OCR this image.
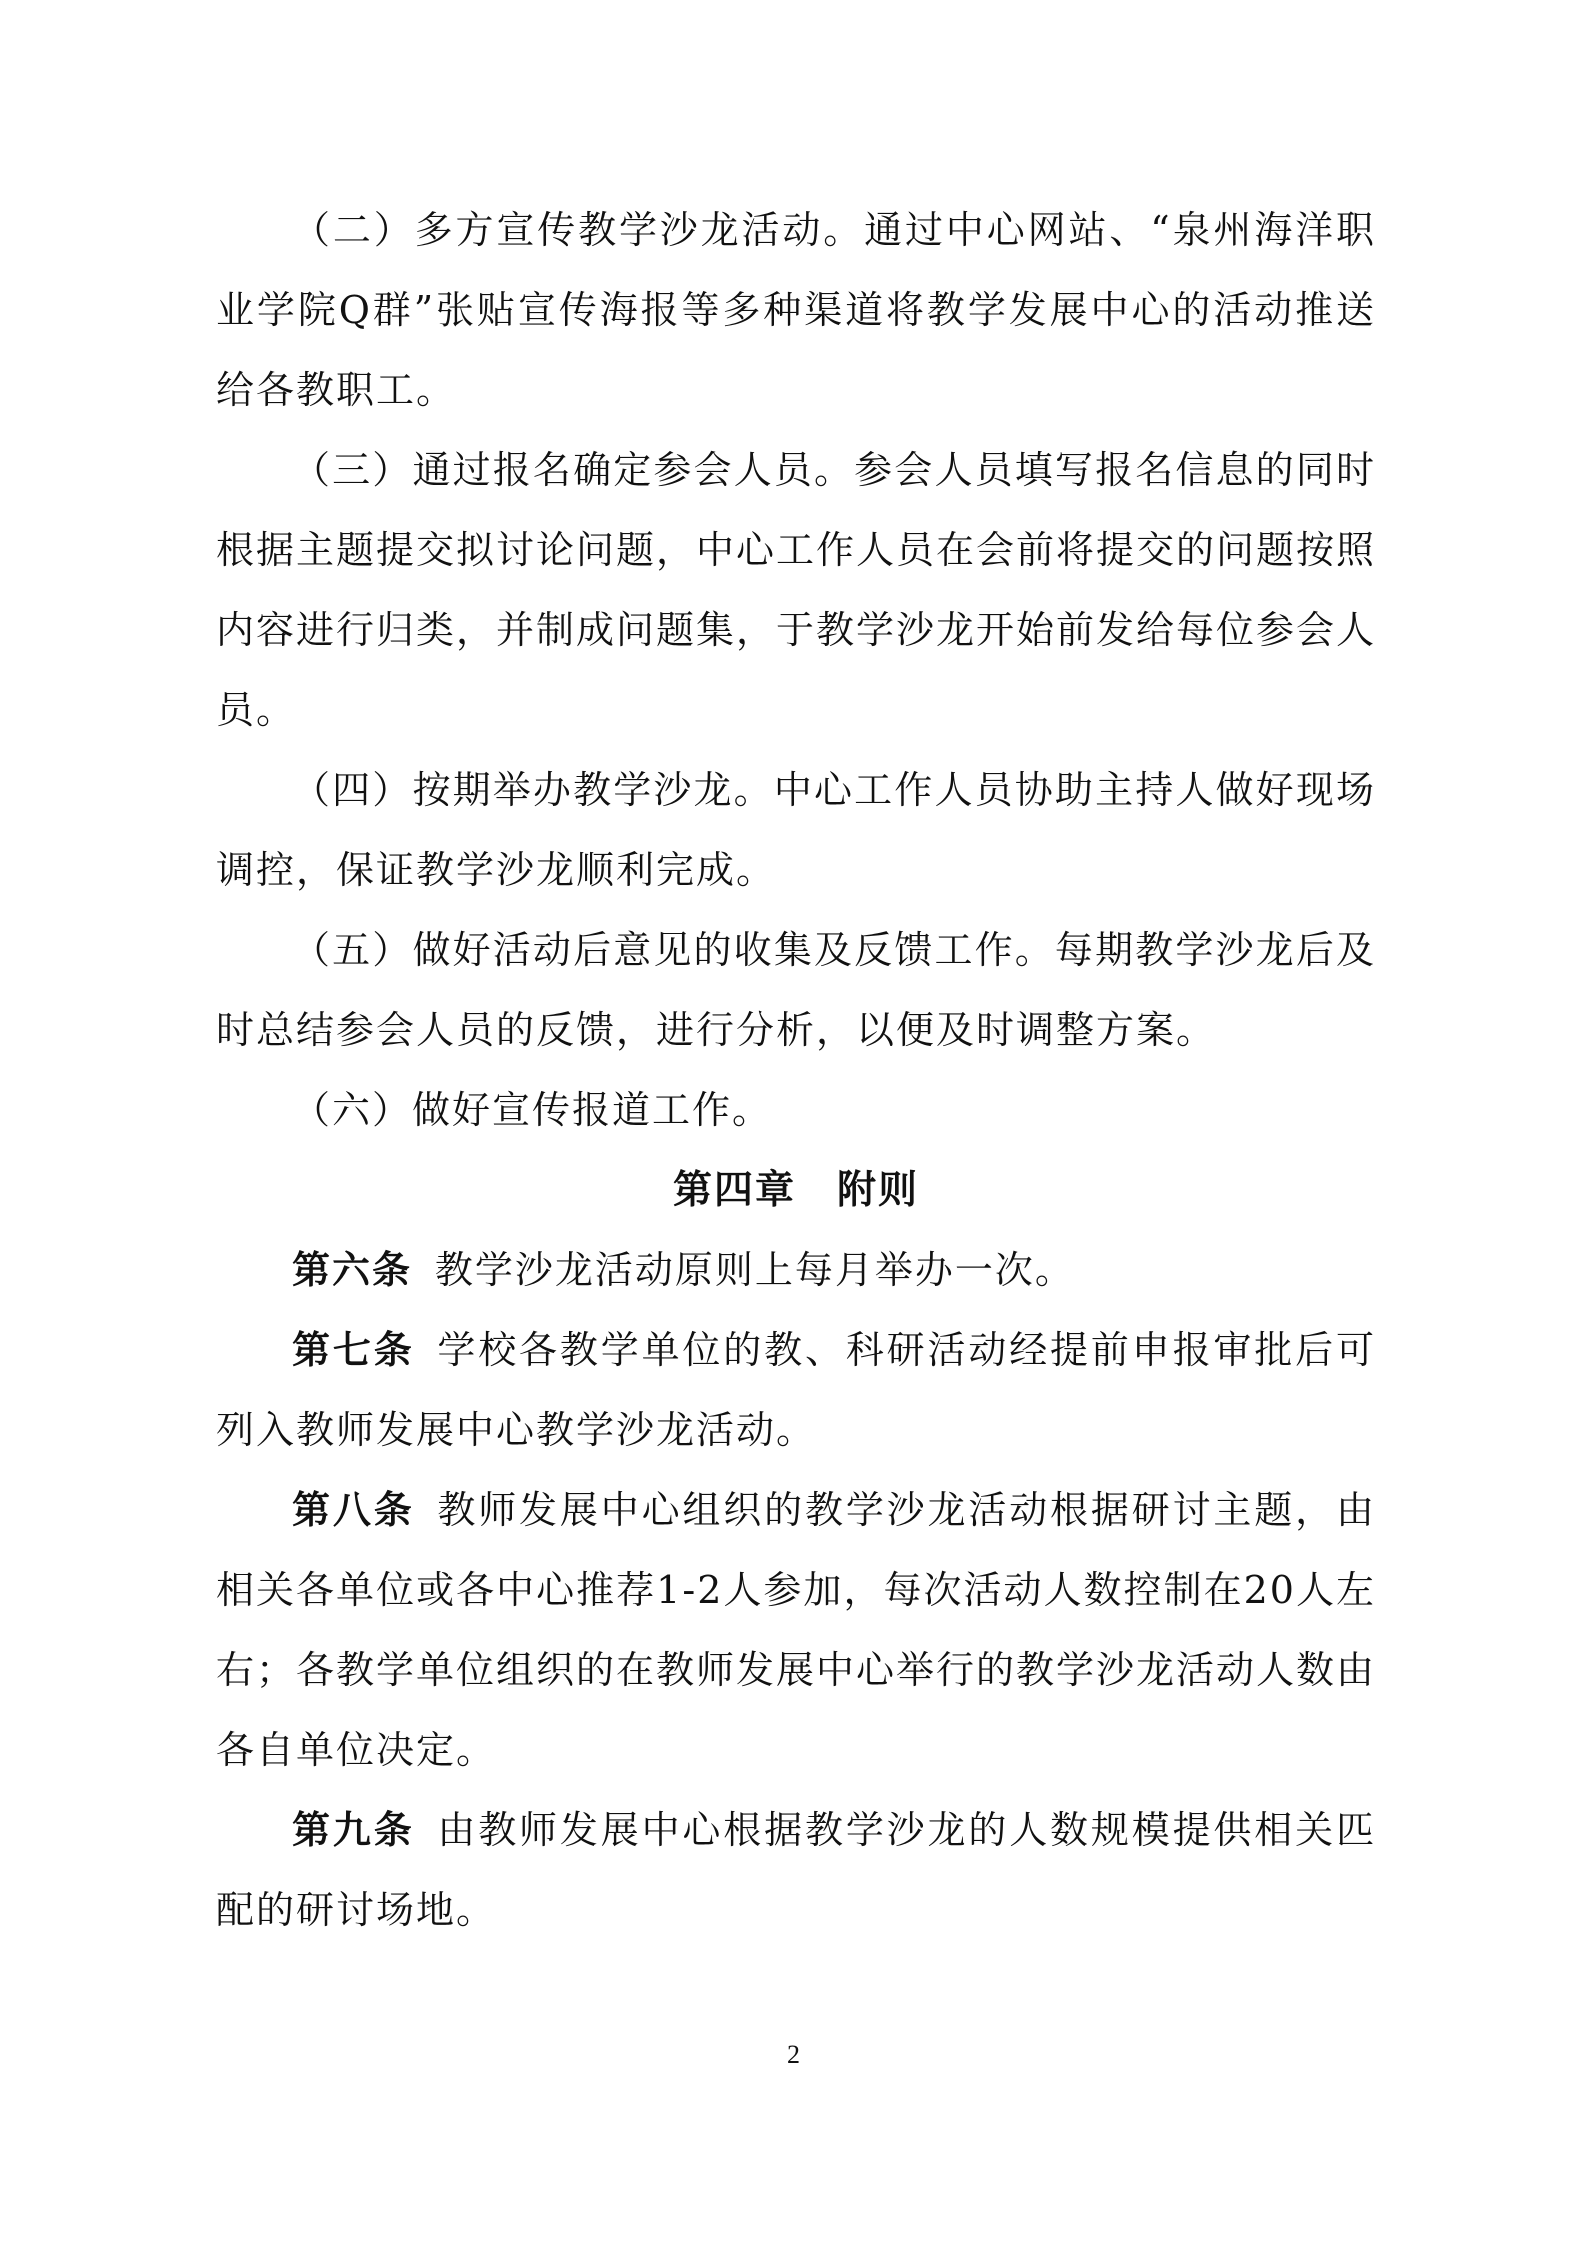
（二）多方宣传教学沙龙活动。通过中心网站、“泉州海洋职业学院Q群”张贴宣传海报等多种渠道将教学发展中心的活动推送给各教职工。

（三）通过报名确定参会人员。参会人员填写报名信息的同时根据主题提交拟讨论问题，中心工作人员在会前将提交的问题按照内容进行归类，并制成问题集，于教学沙龙开始前发给每位参会人员。

（四）按期举办教学沙龙。中心工作人员协助主持人做好现场调控，保证教学沙龙顺利完成。

（五）做好活动后意见的收集及反馈工作。每期教学沙龙后及时总结参会人员的反馈，进行分析，以便及时调整方案。

（六）做好宣传报道工作。

第四章　附则

第六条 教学沙龙活动原则上每月举办一次。

第七条 学校各教学单位的教、科研活动经提前申报审批后可列入教师发展中心教学沙龙活动。

第八条 教师发展中心组织的教学沙龙活动根据研讨主题，由相关各单位或各中心推荐1-2人参加，每次活动人数控制在20人左右；各教学单位组织的在教师发展中心举行的教学沙龙活动人数由各自单位决定。

第九条 由教师发展中心根据教学沙龙的人数规模提供相关匹配的研讨场地。

2
